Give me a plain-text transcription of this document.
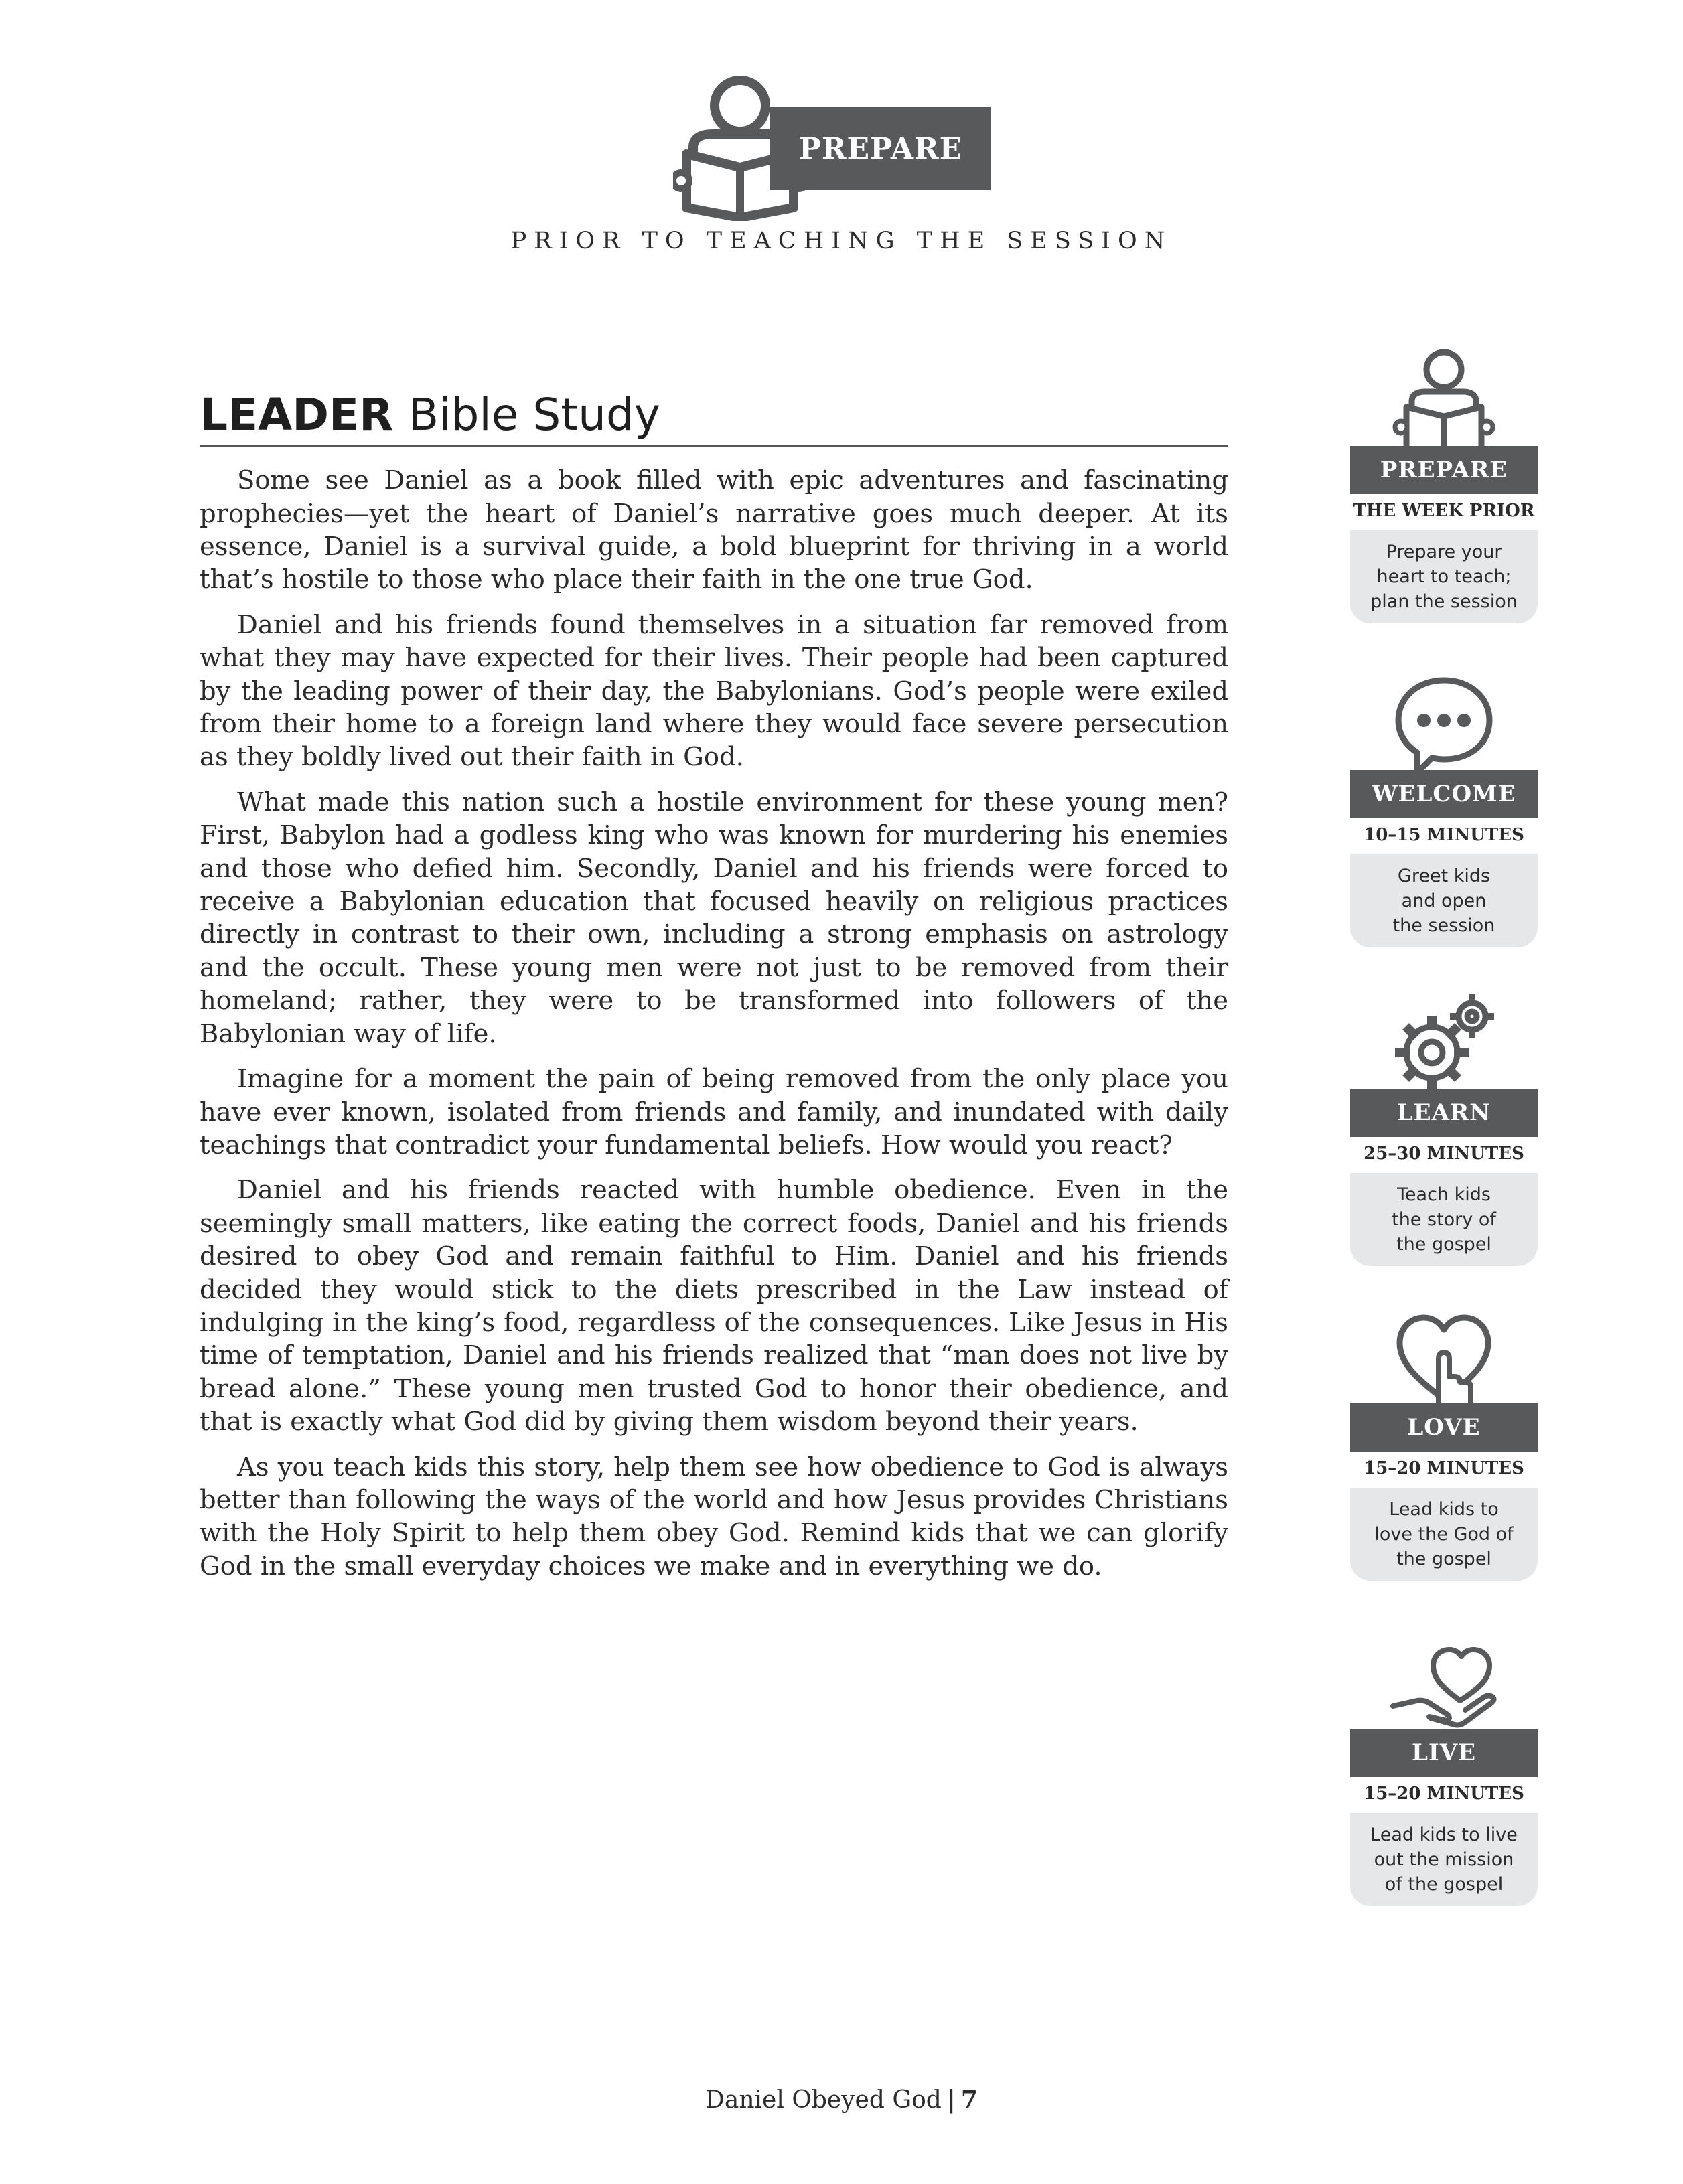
PREPARE
PRIOR TO TEACHING THE SESSION
LEADER Bible Study

Some see Daniel as a book filled with epic adventures and fascinating prophecies—yet the heart of Daniel’s narrative goes much deeper. At its essence, Daniel is a survival guide, a bold blueprint for thriving in a world that’s hostile to those who place their faith in the one true God.

Daniel and his friends found themselves in a situation far removed from what they may have expected for their lives. Their people had been captured by the leading power of their day, the Babylonians. God’s people were exiled from their home to a foreign land where they would face severe persecution as they boldly lived out their faith in God.

What made this nation such a hostile environment for these young men? First, Babylon had a godless king who was known for murdering his enemies and those who defied him. Secondly, Daniel and his friends were forced to receive a Babylonian education that focused heavily on religious practices directly in contrast to their own, including a strong emphasis on astrology and the occult. These young men were not just to be removed from their homeland; rather, they were to be transformed into followers of the Babylonian way of life.

Imagine for a moment the pain of being removed from the only place you have ever known, isolated from friends and family, and inundated with daily teachings that contradict your fundamental beliefs. How would you react?

Daniel and his friends reacted with humble obedience. Even in the seemingly small matters, like eating the correct foods, Daniel and his friends desired to obey God and remain faithful to Him. Daniel and his friends decided they would stick to the diets prescribed in the Law instead of indulging in the king’s food, regardless of the consequences. Like Jesus in His time of temptation, Daniel and his friends realized that “man does not live by bread alone.” These young men trusted God to honor their obedience, and that is exactly what God did by giving them wisdom beyond their years.

As you teach kids this story, help them see how obedience to God is always better than following the ways of the world and how Jesus provides Christians with the Holy Spirit to help them obey God. Remind kids that we can glorify God in the small everyday choices we make and in everything we do.

PREPARE
THE WEEK PRIOR
Prepare your
heart to teach;
plan the session
WELCOME
10–15 MINUTES
Greet kids
and open
the session
LEARN
25–30 MINUTES
Teach kids
the story of
the gospel
LOVE
15–20 MINUTES
Lead kids to
love the God of
the gospel
LIVE
15–20 MINUTES
Lead kids to live
out the mission
of the gospel
Daniel Obeyed God | 7
